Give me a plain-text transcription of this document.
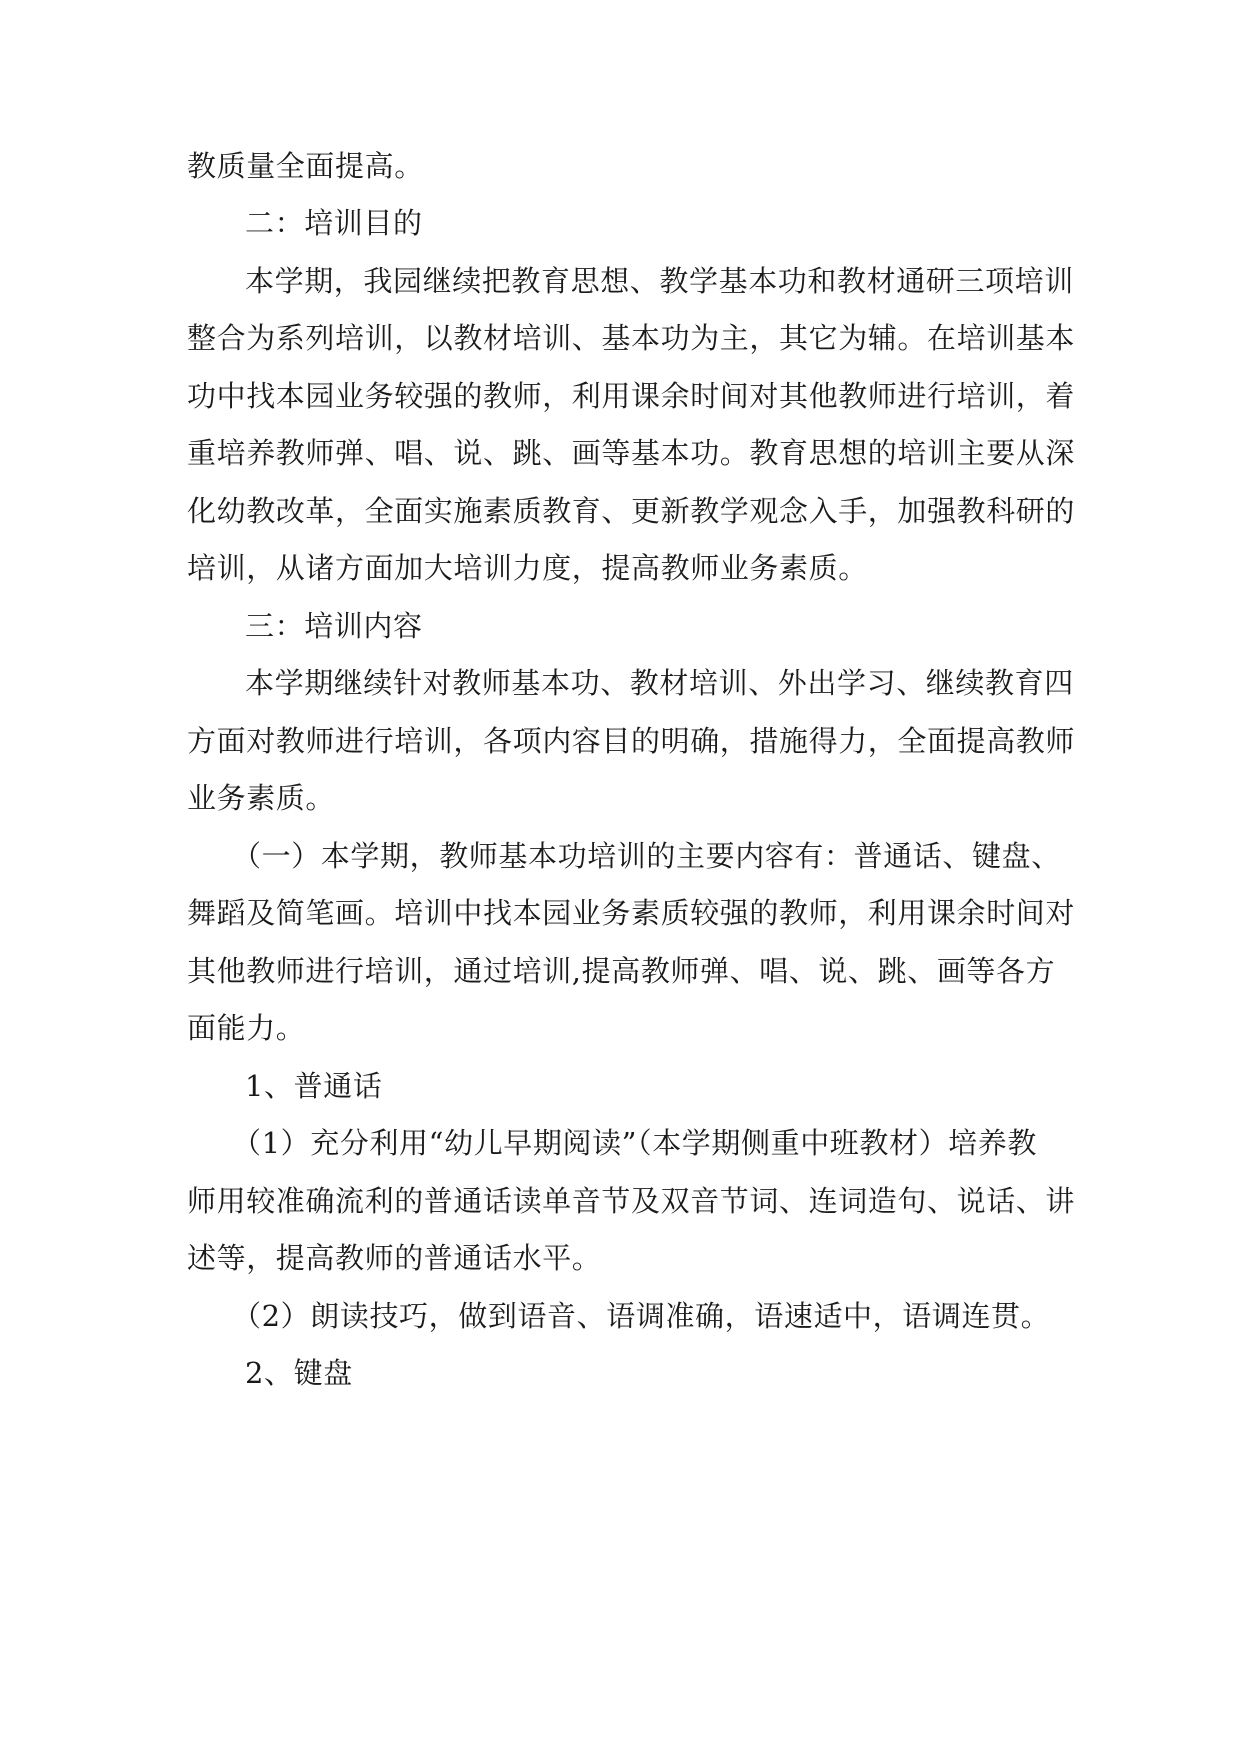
教质量全面提高。
二：培训目的
本学期，我园继续把教育思想、教学基本功和教材通研三项培训
整合为系列培训，以教材培训、基本功为主，其它为辅。在培训基本
功中找本园业务较强的教师，利用课余时间对其他教师进行培训，着
重培养教师弹、唱、说、跳、画等基本功。教育思想的培训主要从深
化幼教改革，全面实施素质教育、更新教学观念入手，加强教科研的
培训，从诸方面加大培训力度，提高教师业务素质。
三：培训内容
本学期继续针对教师基本功、教材培训、外出学习、继续教育四
方面对教师进行培训，各项内容目的明确，措施得力，全面提高教师
业务素质。
（一）本学期，教师基本功培训的主要内容有：普通话、键盘、
舞蹈及简笔画。培训中找本园业务素质较强的教师，利用课余时间对
其他教师进行培训，通过培训,提高教师弹、唱、说、跳、画等各方
面能力。
1、普通话
（1）充分利用“幼儿早期阅读”（本学期侧重中班教材）培养教
师用较准确流利的普通话读单音节及双音节词、连词造句、说话、讲
述等，提高教师的普通话水平。
（2）朗读技巧，做到语音、语调准确，语速适中，语调连贯。
2、键盘
